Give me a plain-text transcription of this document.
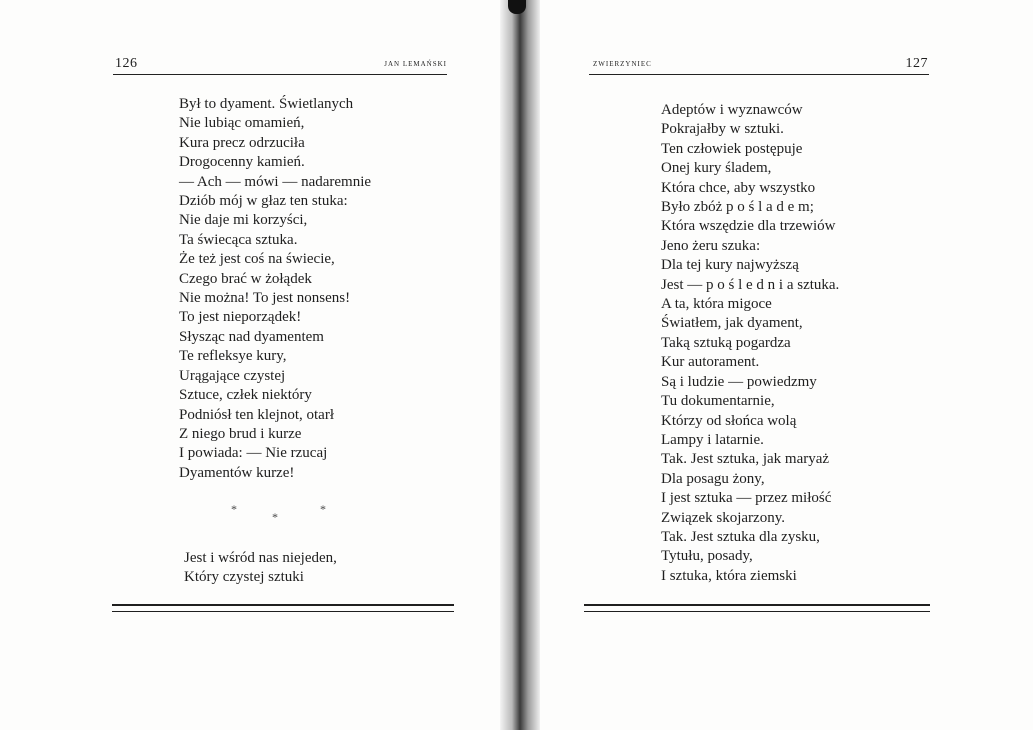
126	JAN LEMAŃSKI	ZWIERZYNIEC	127
Był to dyament. Świetlanych
Nie lubiąc omamień,
Kura precz odrzuciła
Drogocenny kamień.
— Ach — mówi — nadaremnie
Dziób mój w głaz ten stuka:
Nie daje mi korzyści,
Ta świecąca sztuka.
Że też jest coś na świecie,
Czego brać w żołądek
Nie można! To jest nonsens!
To jest nieporządek!
Słysząc nad dyamentem
Te refleksye kury,
Urągające czystej
Sztuce, człek niektóry
Podniósł ten klejnot, otarł
Z niego brud i kurze
I powiada: — Nie rzucaj
Dyamentów kurze!
*
*
*
Jest i wśród nas niejeden,
Który czystej sztuki
Adeptów i wyznawców
Pokrajałby w sztuki.
Ten człowiek postępuje
Onej kury śladem,
Która chce, aby wszystko
Było zbóż p o ś l a d e m;
Która wszędzie dla trzewiów
Jeno żeru szuka:
Dla tej kury najwyższą
Jest — p o ś l e d n i a sztuka.
A ta, która migoce
Światłem, jak dyament,
Taką sztuką pogardza
Kur autorament.
Są i ludzie — powiedzmy
Tu dokumentarnie,
Którzy od słońca wolą
Lampy i latarnie.
Tak. Jest sztuka, jak maryaż
Dla posagu żony,
I jest sztuka — przez miłość
Związek skojarzony.
Tak. Jest sztuka dla zysku,
Tytułu, posady,
I sztuka, która ziemski
